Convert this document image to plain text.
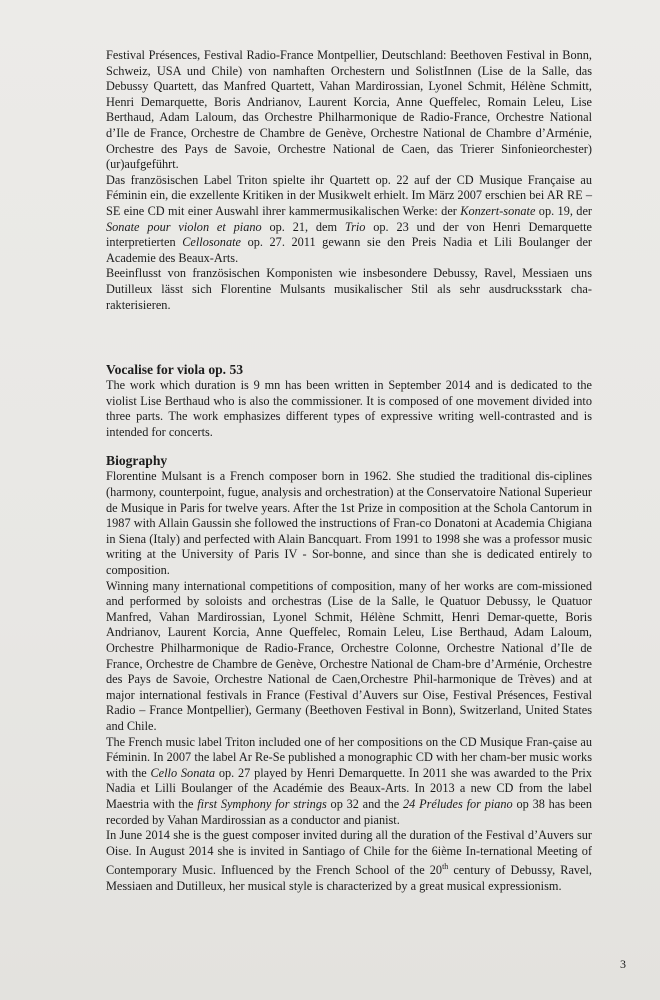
Festival Présences, Festival Radio-France Montpellier, Deutschland: Beethoven Festival in Bonn, Schweiz, USA und Chile) von namhaften Orchestern und SolistInnen (Lise de la Salle, das Debussy Quartett, das Manfred Quartett, Vahan Mardirossian, Lyonel Schmit, Hélène Schmitt, Henri Demarquette, Boris Andrianov, Laurent Korcia, Anne Queffelec, Romain Leleu, Lise Berthaud, Adam Laloum, das Orchestre Philharmonique de Radio-France, Orchestre National d’Ile de France, Orchestre de Chambre de Genève, Orchestre National de Chambre d’Arménie, Orchestre des Pays de Savoie, Orchestre National de Caen, das Trierer Sinfonieorchester) (ur)aufgeführt.

Das französischen Label Triton spielte ihr Quartett op. 22 auf der CD Musique Française au Féminin ein, die exzellente Kritiken in der Musikwelt erhielt. Im März 2007 erschien bei AR RE – SE eine CD mit einer Auswahl ihrer kammermusikalischen Werke: der Konzert-sonate op. 19, der Sonate pour violon et piano op. 21, dem Trio op. 23 und der von Henri Demarquette interpretierten Cellosonate op. 27. 2011 gewann sie den Preis Nadia et Lili Boulanger der Academie des Beaux-Arts.

Beeinflusst von französischen Komponisten wie insbesondere Debussy, Ravel, Messiaen uns Dutilleux lässt sich Florentine Mulsants musikalischer Stil als sehr ausdrucksstark cha-rakterisieren.

Vocalise for viola op. 53

The work which duration is 9 mn has been written in September 2014 and is dedicated to the violist Lise Berthaud who is also the commissioner. It is composed of one movement divided into three parts. The work emphasizes different types of expressive writing well-contrasted and is intended for concerts.

Biography

Florentine Mulsant is a French composer born in 1962. She studied the traditional dis-ciplines (harmony, counterpoint, fugue, analysis and orchestration) at the Conservatoire National Superieur de Musique in Paris for twelve years. After the 1st Prize in composition at the Schola Cantorum in 1987 with Allain Gaussin she followed the instructions of Fran-co Donatoni at Academia Chigiana in Siena (Italy) and perfected with Alain Bancquart. From 1991 to 1998 she was a professor music writing at the University of Paris IV - Sor-bonne, and since than she is dedicated entirely to composition.

Winning many international competitions of composition, many of her works are com-missioned and performed by soloists and orchestras (Lise de la Salle, le Quatuor Debussy, le Quatuor Manfred, Vahan Mardirossian, Lyonel Schmit, Hélène Schmitt, Henri Demar-quette, Boris Andrianov, Laurent Korcia, Anne Queffelec, Romain Leleu, Lise Berthaud, Adam Laloum, Orchestre Philharmonique de Radio-France, Orchestre Colonne, Orchestre National d’Ile de France, Orchestre de Chambre de Genève, Orchestre National de Cham-bre d’Arménie, Orchestre des Pays de Savoie, Orchestre National de Caen,Orchestre Phil-harmonique de Trèves) and at major international festivals in France (Festival d’Auvers sur Oise, Festival Présences, Festival Radio – France Montpellier), Germany (Beethoven Festival in Bonn), Switzerland, United States and Chile.

The French music label Triton included one of her compositions on the CD Musique Fran-çaise au Féminin. In 2007 the label Ar Re-Se published a monographic CD with her cham-ber music works with the Cello Sonata op. 27 played by Henri Demarquette. In 2011 she was awarded to the Prix Nadia et Lilli Boulanger of the Académie des Beaux-Arts. In 2013 a new CD from the label Maestria with the first Symphony for strings op 32 and the 24 Préludes for piano op 38 has been recorded by Vahan Mardirossian as a conductor and pianist.

In June 2014 she is the guest composer invited during all the duration of the Festival d’Auvers sur Oise. In August 2014 she is invited in Santiago of Chile for the 6ième In-ternational Meeting of Contemporary Music. Influenced by the French School of the 20th century of Debussy, Ravel, Messiaen and Dutilleux, her musical style is characterized by a great musical expressionism.

3
